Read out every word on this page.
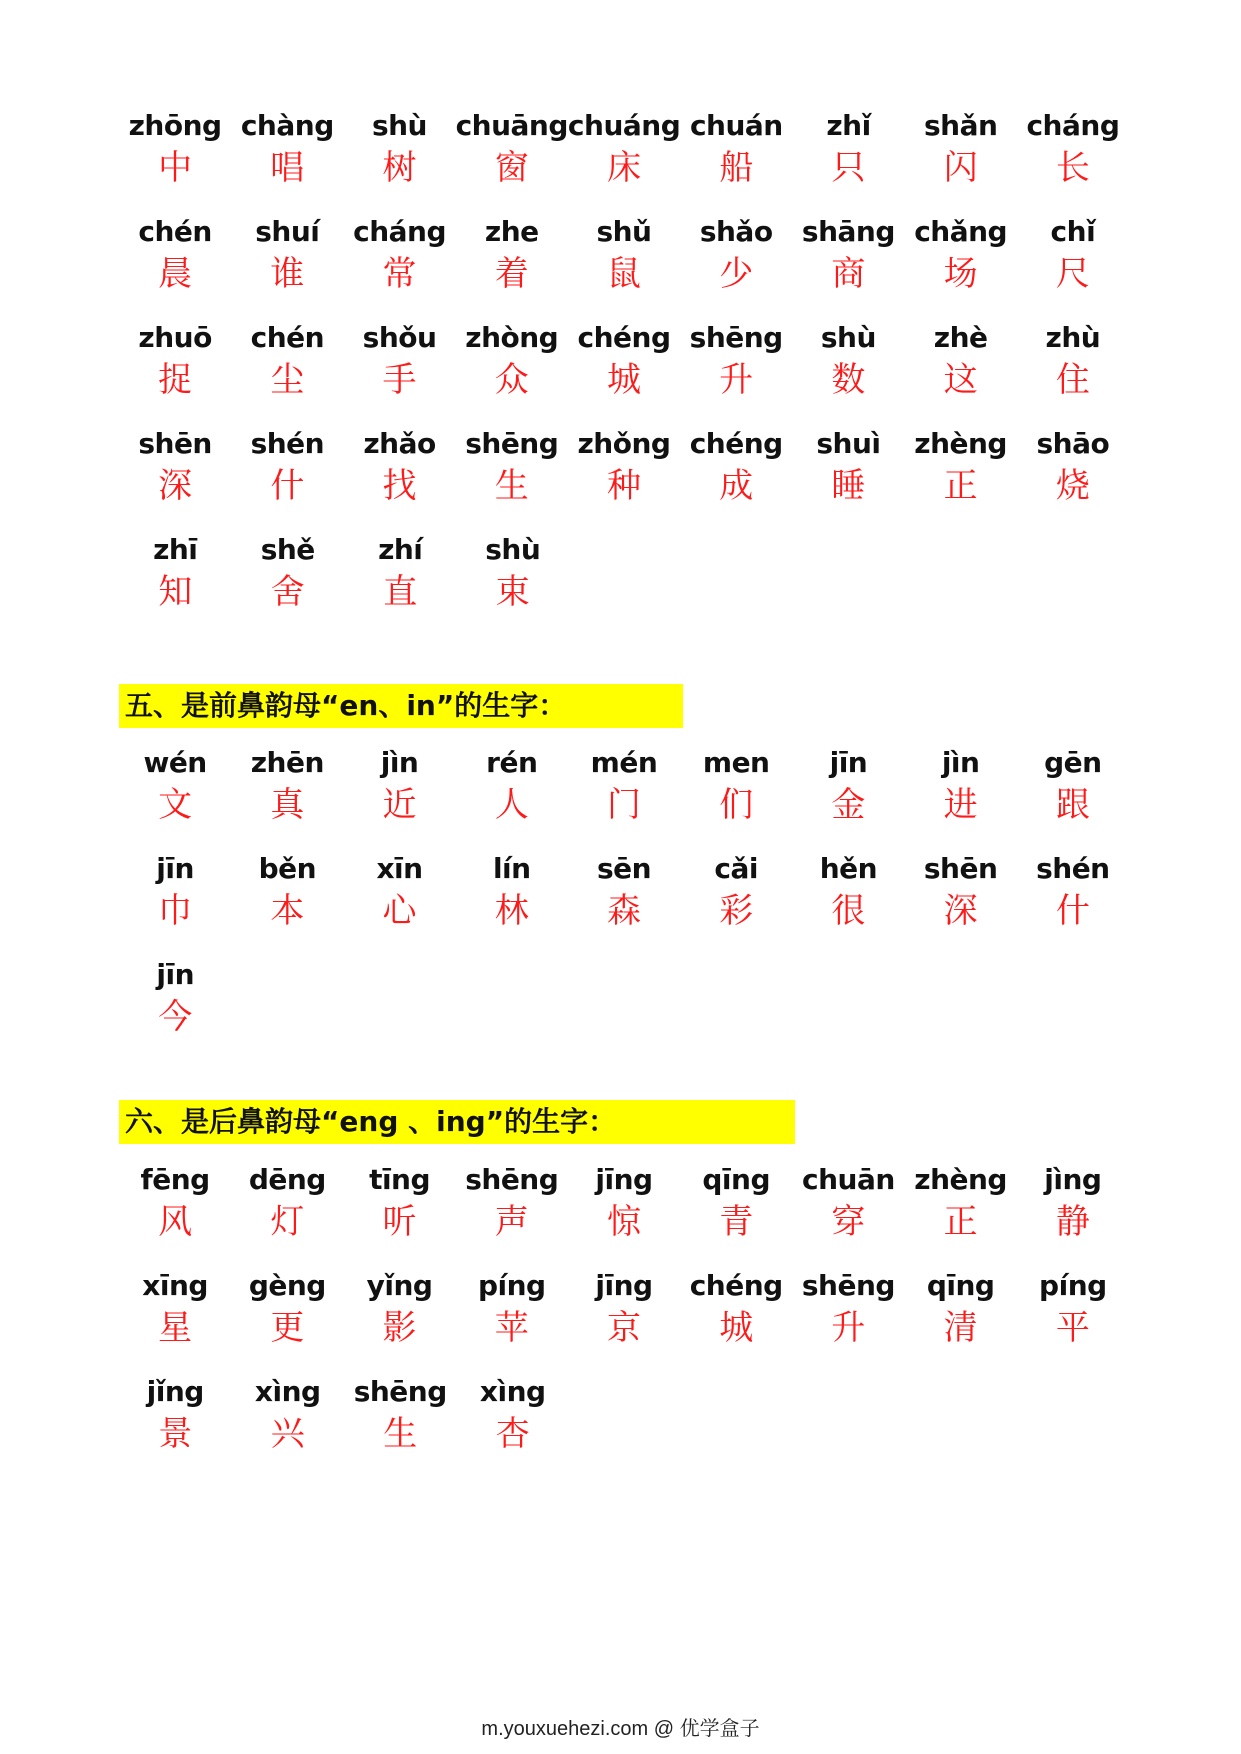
zhōng
中
chàng
唱
shù
树
chuāng
窗
chuáng
床
chuán
船
zhǐ
只
shǎn
闪
cháng
长
chén
晨
shuí
谁
cháng
常
zhe
着
shǔ
鼠
shǎo
少
shāng
商
chǎng
场
chǐ
尺
zhuō
捉
chén
尘
shǒu
手
zhòng
众
chéng
城
shēng
升
shù
数
zhè
这
zhù
住
shēn
深
shén
什
zhǎo
找
shēng
生
zhǒng
种
chéng
成
shuì
睡
zhèng
正
shāo
烧
zhī
知
shě
舍
zhí
直
shù
束
五、是前鼻韵母“en、in”的生字：
wén
文
zhēn
真
jìn
近
rén
人
mén
门
men
们
jīn
金
jìn
进
gēn
跟
jīn
巾
běn
本
xīn
心
lín
林
sēn
森
cǎi
彩
hěn
很
shēn
深
shén
什
jīn
今
六、是后鼻韵母“eng 、ing”的生字：
fēng
风
dēng
灯
tīng
听
shēng
声
jīng
惊
qīng
青
chuān
穿
zhèng
正
jìng
静
xīng
星
gèng
更
yǐng
影
píng
苹
jīng
京
chéng
城
shēng
升
qīng
清
píng
平
jǐng
景
xìng
兴
shēng
生
xìng
杏
m.youxuehezi.com @ 优学盒子
